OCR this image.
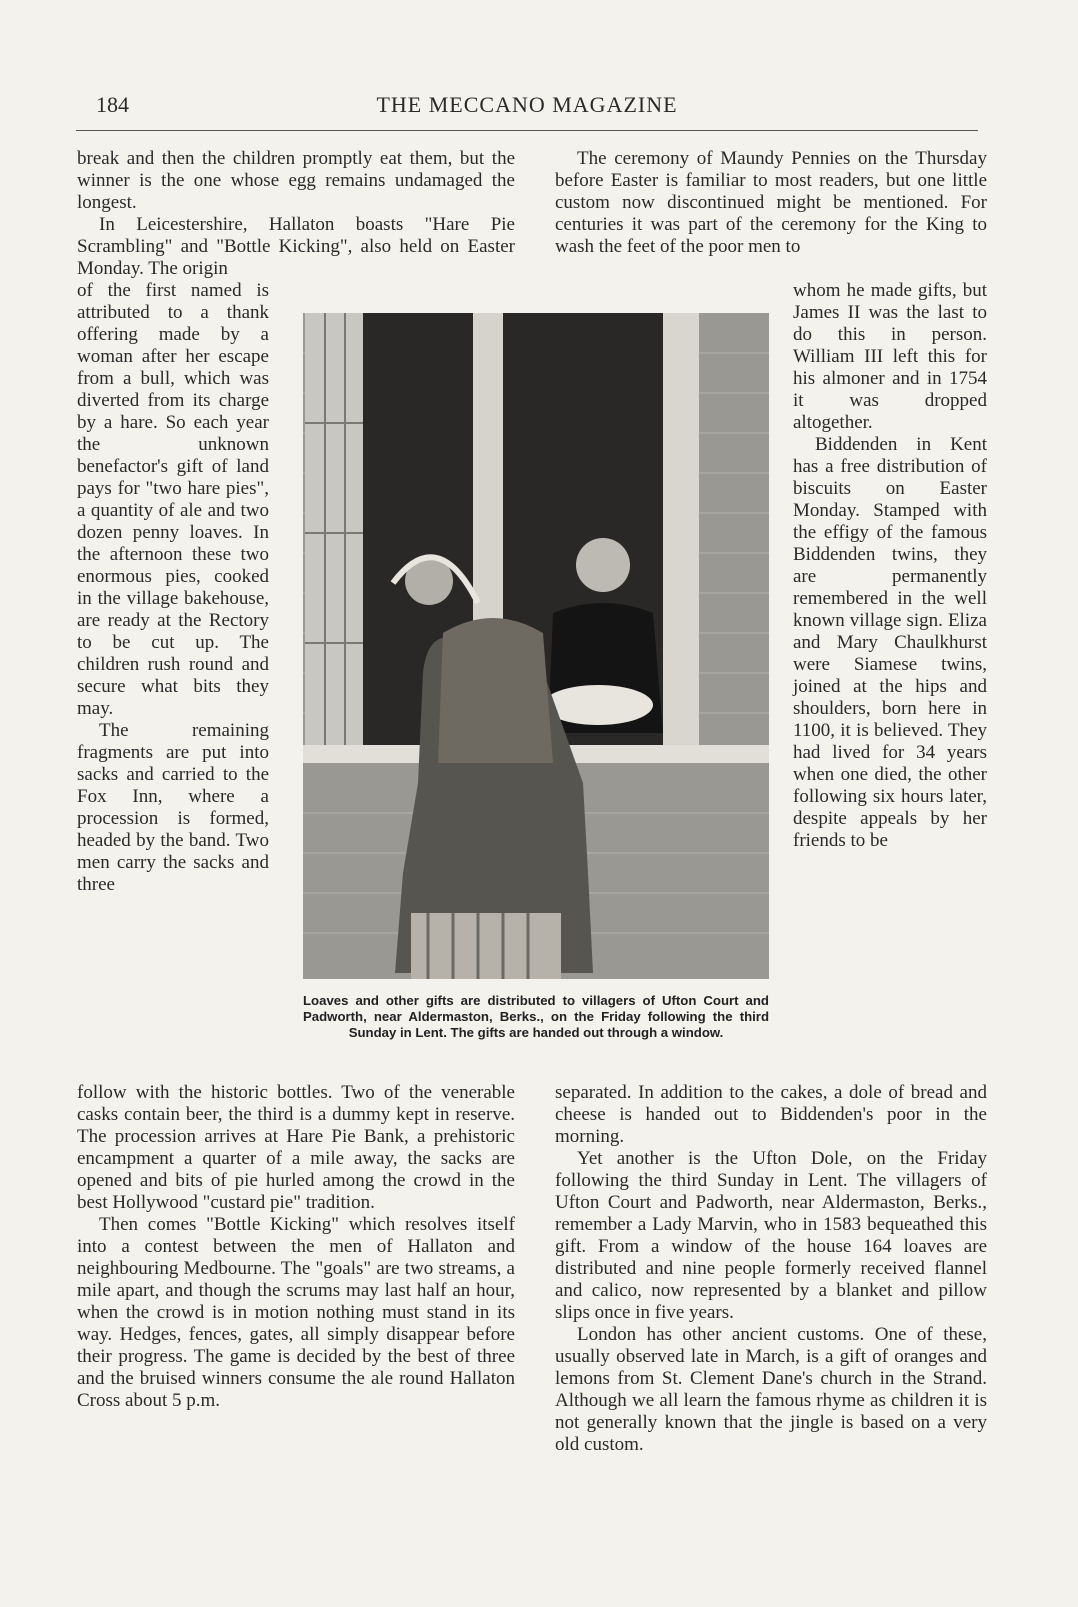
184	THE MECCANO MAGAZINE

break and then the children promptly eat them, but the winner is the one whose egg remains undamaged the longest.

In Leicestershire, Hallaton boasts "Hare Pie Scrambling" and "Bottle Kicking", also held on Easter Monday. The origin

of the first named is attributed to a thank offering made by a woman after her escape from a bull, which was diverted from its charge by a hare. So each year the unknown benefactor's gift of land pays for "two hare pies", a quantity of ale and two dozen penny loaves. In the afternoon these two enormous pies, cooked in the village bakehouse, are ready at the Rectory to be cut up. The children rush round and secure what bits they may.

The remaining fragments are put into sacks and carried to the Fox Inn, where a procession is formed, headed by the band. Two men carry the sacks and three

follow with the historic bottles. Two of the venerable casks contain beer, the third is a dummy kept in reserve. The procession arrives at Hare Pie Bank, a prehistoric encampment a quarter of a mile away, the sacks are opened and bits of pie hurled among the crowd in the best Hollywood "custard pie" tradition.

Then comes "Bottle Kicking" which resolves itself into a contest between the men of Hallaton and neighbouring Medbourne. The "goals" are two streams, a mile apart, and though the scrums may last half an hour, when the crowd is in motion nothing must stand in its way. Hedges, fences, gates, all simply disappear before their progress. The game is decided by the best of three and the bruised winners consume the ale round Hallaton Cross about 5 p.m.

The ceremony of Maundy Pennies on the Thursday before Easter is familiar to most readers, but one little custom now discontinued might be mentioned. For centuries it was part of the ceremony for the King to wash the feet of the poor men to

whom he made gifts, but James II was the last to do this in person. William III left this for his almoner and in 1754 it was dropped altogether.

Biddenden in Kent has a free distribution of biscuits on Easter Monday. Stamped with the effigy of the famous Biddenden twins, they are permanently remembered in the well known village sign. Eliza and Mary Chaulkhurst were Siamese twins, joined at the hips and shoulders, born here in 1100, it is believed. They had lived for 34 years when one died, the other following six hours later, despite appeals by her friends to be

separated. In addition to the cakes, a dole of bread and cheese is handed out to Biddenden's poor in the morning.

Yet another is the Ufton Dole, on the Friday following the third Sunday in Lent. The villagers of Ufton Court and Padworth, near Aldermaston, Berks., remember a Lady Marvin, who in 1583 bequeathed this gift. From a window of the house 164 loaves are distributed and nine people formerly received flannel and calico, now represented by a blanket and pillow slips once in five years.

London has other ancient customs. One of these, usually observed late in March, is a gift of oranges and lemons from St. Clement Dane's church in the Strand. Although we all learn the famous rhyme as children it is not generally known that the jingle is based on a very old custom.

Loaves and other gifts are distributed to villagers of Ufton Court and Padworth, near Aldermaston, Berks., on the Friday following the third Sunday in Lent. The gifts are handed out through a window.
